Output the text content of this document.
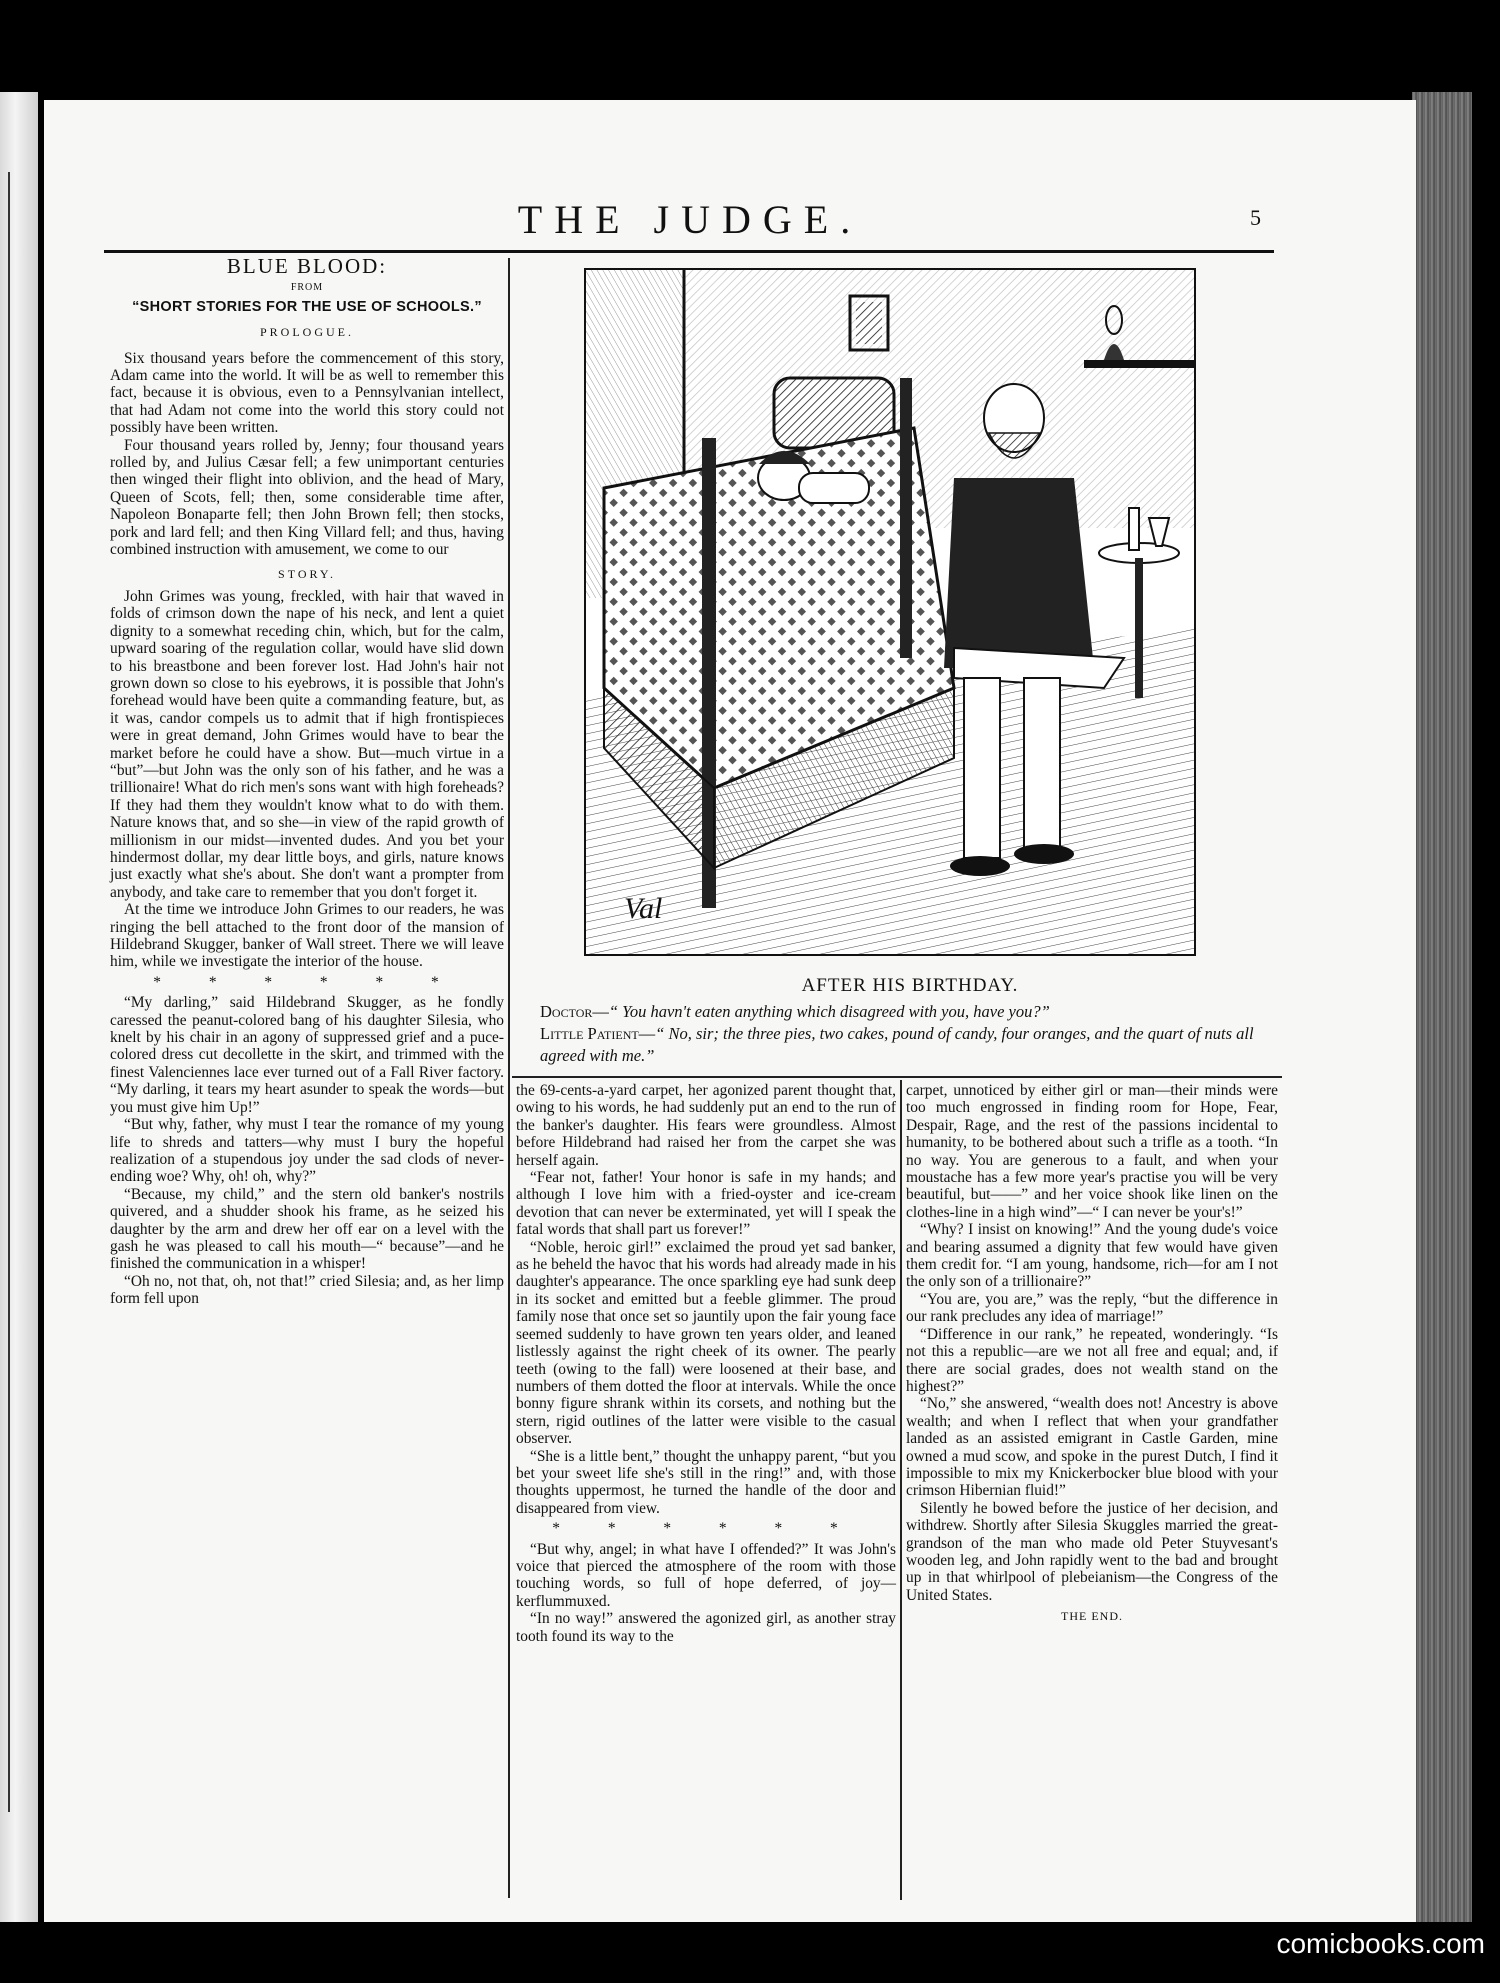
THE JUDGE.	5
BLUE BLOOD:
FROM
“SHORT STORIES FOR THE USE OF SCHOOLS.”
PROLOGUE.

Six thousand years before the commencement of this story, Adam came into the world. It will be as well to remember this fact, because it is obvious, even to a Pennsylvanian intellect, that had Adam not come into the world this story could not possibly have been written.

Four thousand years rolled by, Jenny; four thousand years rolled by, and Julius Cæsar fell; a few unimportant centuries then winged their flight into oblivion, and the head of Mary, Queen of Scots, fell; then, some considerable time after, Napoleon Bonaparte fell; then John Brown fell; then stocks, pork and lard fell; and then King Villard fell; and thus, having combined instruction with amusement, we come to our

STORY.

John Grimes was young, freckled, with hair that waved in folds of crimson down the nape of his neck, and lent a quiet dignity to a somewhat receding chin, which, but for the calm, upward soaring of the regulation collar, would have slid down to his breastbone and been forever lost. Had John's hair not grown down so close to his eyebrows, it is possible that John's forehead would have been quite a commanding feature, but, as it was, candor compels us to admit that if high frontispieces were in great demand, John Grimes would have to bear the market before he could have a show. But—much virtue in a “but”—but John was the only son of his father, and he was a trillionaire! What do rich men's sons want with high foreheads? If they had them they wouldn't know what to do with them. Nature knows that, and so she—in view of the rapid growth of millionism in our midst—invented dudes. And you bet your hindermost dollar, my dear little boys, and girls, nature knows just exactly what she's about. She don't want a prompter from anybody, and take care to remember that you don't forget it.

At the time we introduce John Grimes to our readers, he was ringing the bell attached to the front door of the mansion of Hildebrand Skugger, banker of Wall street. There we will leave him, while we investigate the interior of the house.

* * * * * *

“My darling,” said Hildebrand Skugger, as he fondly caressed the peanut-colored bang of his daughter Silesia, who knelt by his chair in an agony of suppressed grief and a puce-colored dress cut decollette in the skirt, and trimmed with the finest Valenciennes lace ever turned out of a Fall River factory. “My darling, it tears my heart asunder to speak the words—but you must give him Up!”

“But why, father, why must I tear the romance of my young life to shreds and tatters—why must I bury the hopeful realization of a stupendous joy under the sad clods of never-ending woe? Why, oh! oh, why?”

“Because, my child,” and the stern old banker's nostrils quivered, and a shudder shook his frame, as he seized his daughter by the arm and drew her off ear on a level with the gash he was pleased to call his mouth—“ because”—and he finished the communication in a whisper!

“Oh no, not that, oh, not that!” cried Silesia; and, as her limp form fell upon

Val
AFTER HIS BIRTHDAY.
Doctor—“ You havn't eaten anything which disagreed with you, have you?”
Little Patient—“ No, sir; the three pies, two cakes, pound of candy, four oranges, and the quart of nuts all agreed with me.”

the 69-cents-a-yard carpet, her agonized parent thought that, owing to his words, he had suddenly put an end to the run of the banker's daughter. His fears were groundless. Almost before Hildebrand had raised her from the carpet she was herself again.

“Fear not, father! Your honor is safe in my hands; and although I love him with a fried-oyster and ice-cream devotion that can never be exterminated, yet will I speak the fatal words that shall part us forever!”

“Noble, heroic girl!” exclaimed the proud yet sad banker, as he beheld the havoc that his words had already made in his daughter's appearance. The once sparkling eye had sunk deep in its socket and emitted but a feeble glimmer. The proud family nose that once set so jauntily upon the fair young face seemed suddenly to have grown ten years older, and leaned listlessly against the right cheek of its owner. The pearly teeth (owing to the fall) were loosened at their base, and numbers of them dotted the floor at intervals. While the once bonny figure shrank within its corsets, and nothing but the stern, rigid outlines of the latter were visible to the casual observer.

“She is a little bent,” thought the unhappy parent, “but you bet your sweet life she's still in the ring!” and, with those thoughts uppermost, he turned the handle of the door and disappeared from view.

* * * * * *

“But why, angel; in what have I offended?” It was John's voice that pierced the atmosphere of the room with those touching words, so full of hope deferred, of joy—kerflummuxed.

“In no way!” answered the agonized girl, as another stray tooth found its way to the

carpet, unnoticed by either girl or man—their minds were too much engrossed in finding room for Hope, Fear, Despair, Rage, and the rest of the passions incidental to humanity, to be bothered about such a trifle as a tooth. “In no way. You are generous to a fault, and when your moustache has a few more year's practise you will be very beautiful, but——” and her voice shook like linen on the clothes-line in a high wind”—“ I can never be your's!”

“Why? I insist on knowing!” And the young dude's voice and bearing assumed a dignity that few would have given them credit for. “I am young, handsome, rich—for am I not the only son of a trillionaire?”

“You are, you are,” was the reply, “but the difference in our rank precludes any idea of marriage!”

“Difference in our rank,” he repeated, wonderingly. “Is not this a republic—are we not all free and equal; and, if there are social grades, does not wealth stand on the highest?”

“No,” she answered, “wealth does not! Ancestry is above wealth; and when I reflect that when your grandfather landed as an assisted emigrant in Castle Garden, mine owned a mud scow, and spoke in the purest Dutch, I find it impossible to mix my Knickerbocker blue blood with your crimson Hibernian fluid!”

Silently he bowed before the justice of her decision, and withdrew. Shortly after Silesia Skuggles married the great-grandson of the man who made old Peter Stuyvesant's wooden leg, and John rapidly went to the bad and brought up in that whirlpool of plebeianism—the Congress of the United States.

THE END.
comicbooks.com
